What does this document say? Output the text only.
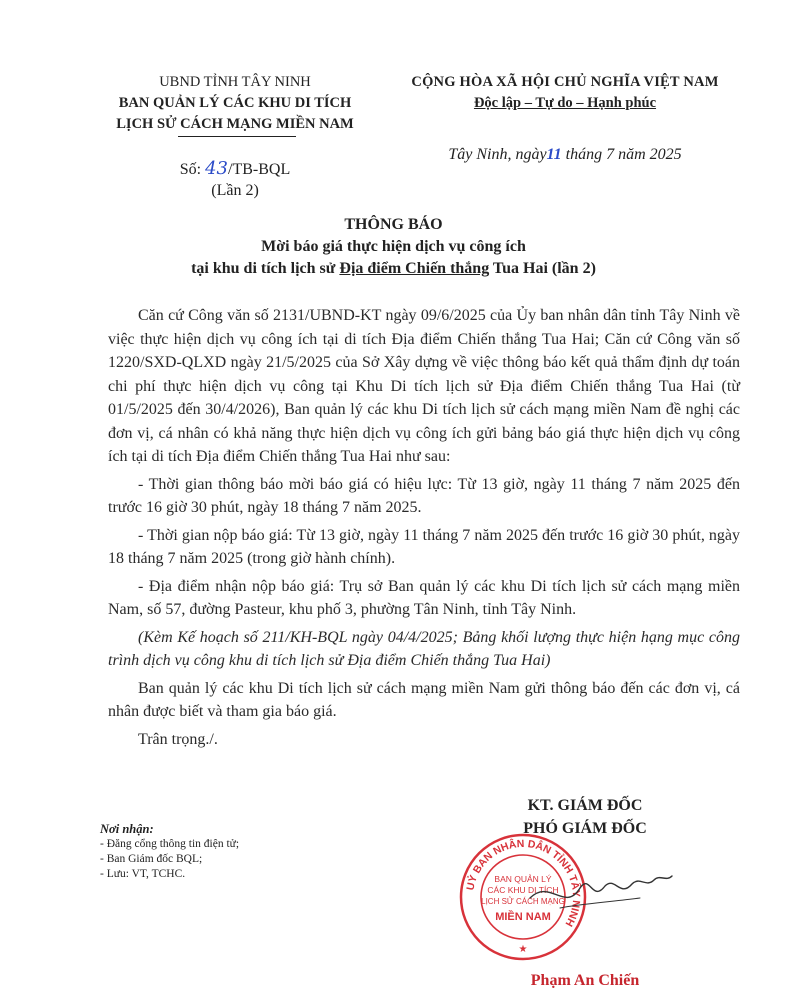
UBND TỈNH TÂY NINH
BAN QUẢN LÝ CÁC KHU DI TÍCH
LỊCH SỬ CÁCH MẠNG MIỀN NAM
CỘNG HÒA XÃ HỘI CHỦ NGHĨA VIỆT NAM
Độc lập – Tự do – Hạnh phúc
Số: 43/TB-BQL
(Lần 2)
Tây Ninh, ngày11 tháng 7 năm 2025
THÔNG BÁO
Mời báo giá thực hiện dịch vụ công ích
tại khu di tích lịch sử Địa điểm Chiến thắng Tua Hai (lần 2)

Căn cứ Công văn số 2131/UBND-KT ngày 09/6/2025 của Ủy ban nhân dân tỉnh Tây Ninh về việc thực hiện dịch vụ công ích tại di tích Địa điểm Chiến thắng Tua Hai; Căn cứ Công văn số 1220/SXD-QLXD ngày 21/5/2025 của Sở Xây dựng về việc thông báo kết quả thẩm định dự toán chi phí thực hiện dịch vụ công tại Khu Di tích lịch sử Địa điểm Chiến thắng Tua Hai (từ 01/5/2025 đến 30/4/2026), Ban quản lý các khu Di tích lịch sử cách mạng miền Nam đề nghị các đơn vị, cá nhân có khả năng thực hiện dịch vụ công ích gửi bảng báo giá thực hiện dịch vụ công ích tại di tích Địa điểm Chiến thắng Tua Hai như sau:

- Thời gian thông báo mời báo giá có hiệu lực: Từ 13 giờ, ngày 11 tháng 7 năm 2025 đến trước 16 giờ 30 phút, ngày 18 tháng 7 năm 2025.

- Thời gian nộp báo giá: Từ 13 giờ, ngày 11 tháng 7 năm 2025 đến trước 16 giờ 30 phút, ngày 18 tháng 7 năm 2025 (trong giờ hành chính).

- Địa điểm nhận nộp báo giá: Trụ sở Ban quản lý các khu Di tích lịch sử cách mạng miền Nam, số 57, đường Pasteur, khu phố 3, phường Tân Ninh, tỉnh Tây Ninh.

(Kèm Kế hoạch số 211/KH-BQL ngày 04/4/2025; Bảng khối lượng thực hiện hạng mục công trình dịch vụ công khu di tích lịch sử Địa điểm Chiến thắng Tua Hai)

Ban quản lý các khu Di tích lịch sử cách mạng miền Nam gửi thông báo đến các đơn vị, cá nhân được biết và tham gia báo giá.

Trân trọng./.

Nơi nhận:
- Đăng cổng thông tin điện tử;
- Ban Giám đốc BQL;
- Lưu: VT, TCHC.
KT. GIÁM ĐỐC
PHÓ GIÁM ĐỐC
UỶ BAN NHÂN DÂN TỈNH TÂY NINH
BAN QUẢN LÝ
CÁC KHU DI TÍCH
LỊCH SỬ CÁCH MẠNG
MIỀN NAM
★
Phạm An Chiến
